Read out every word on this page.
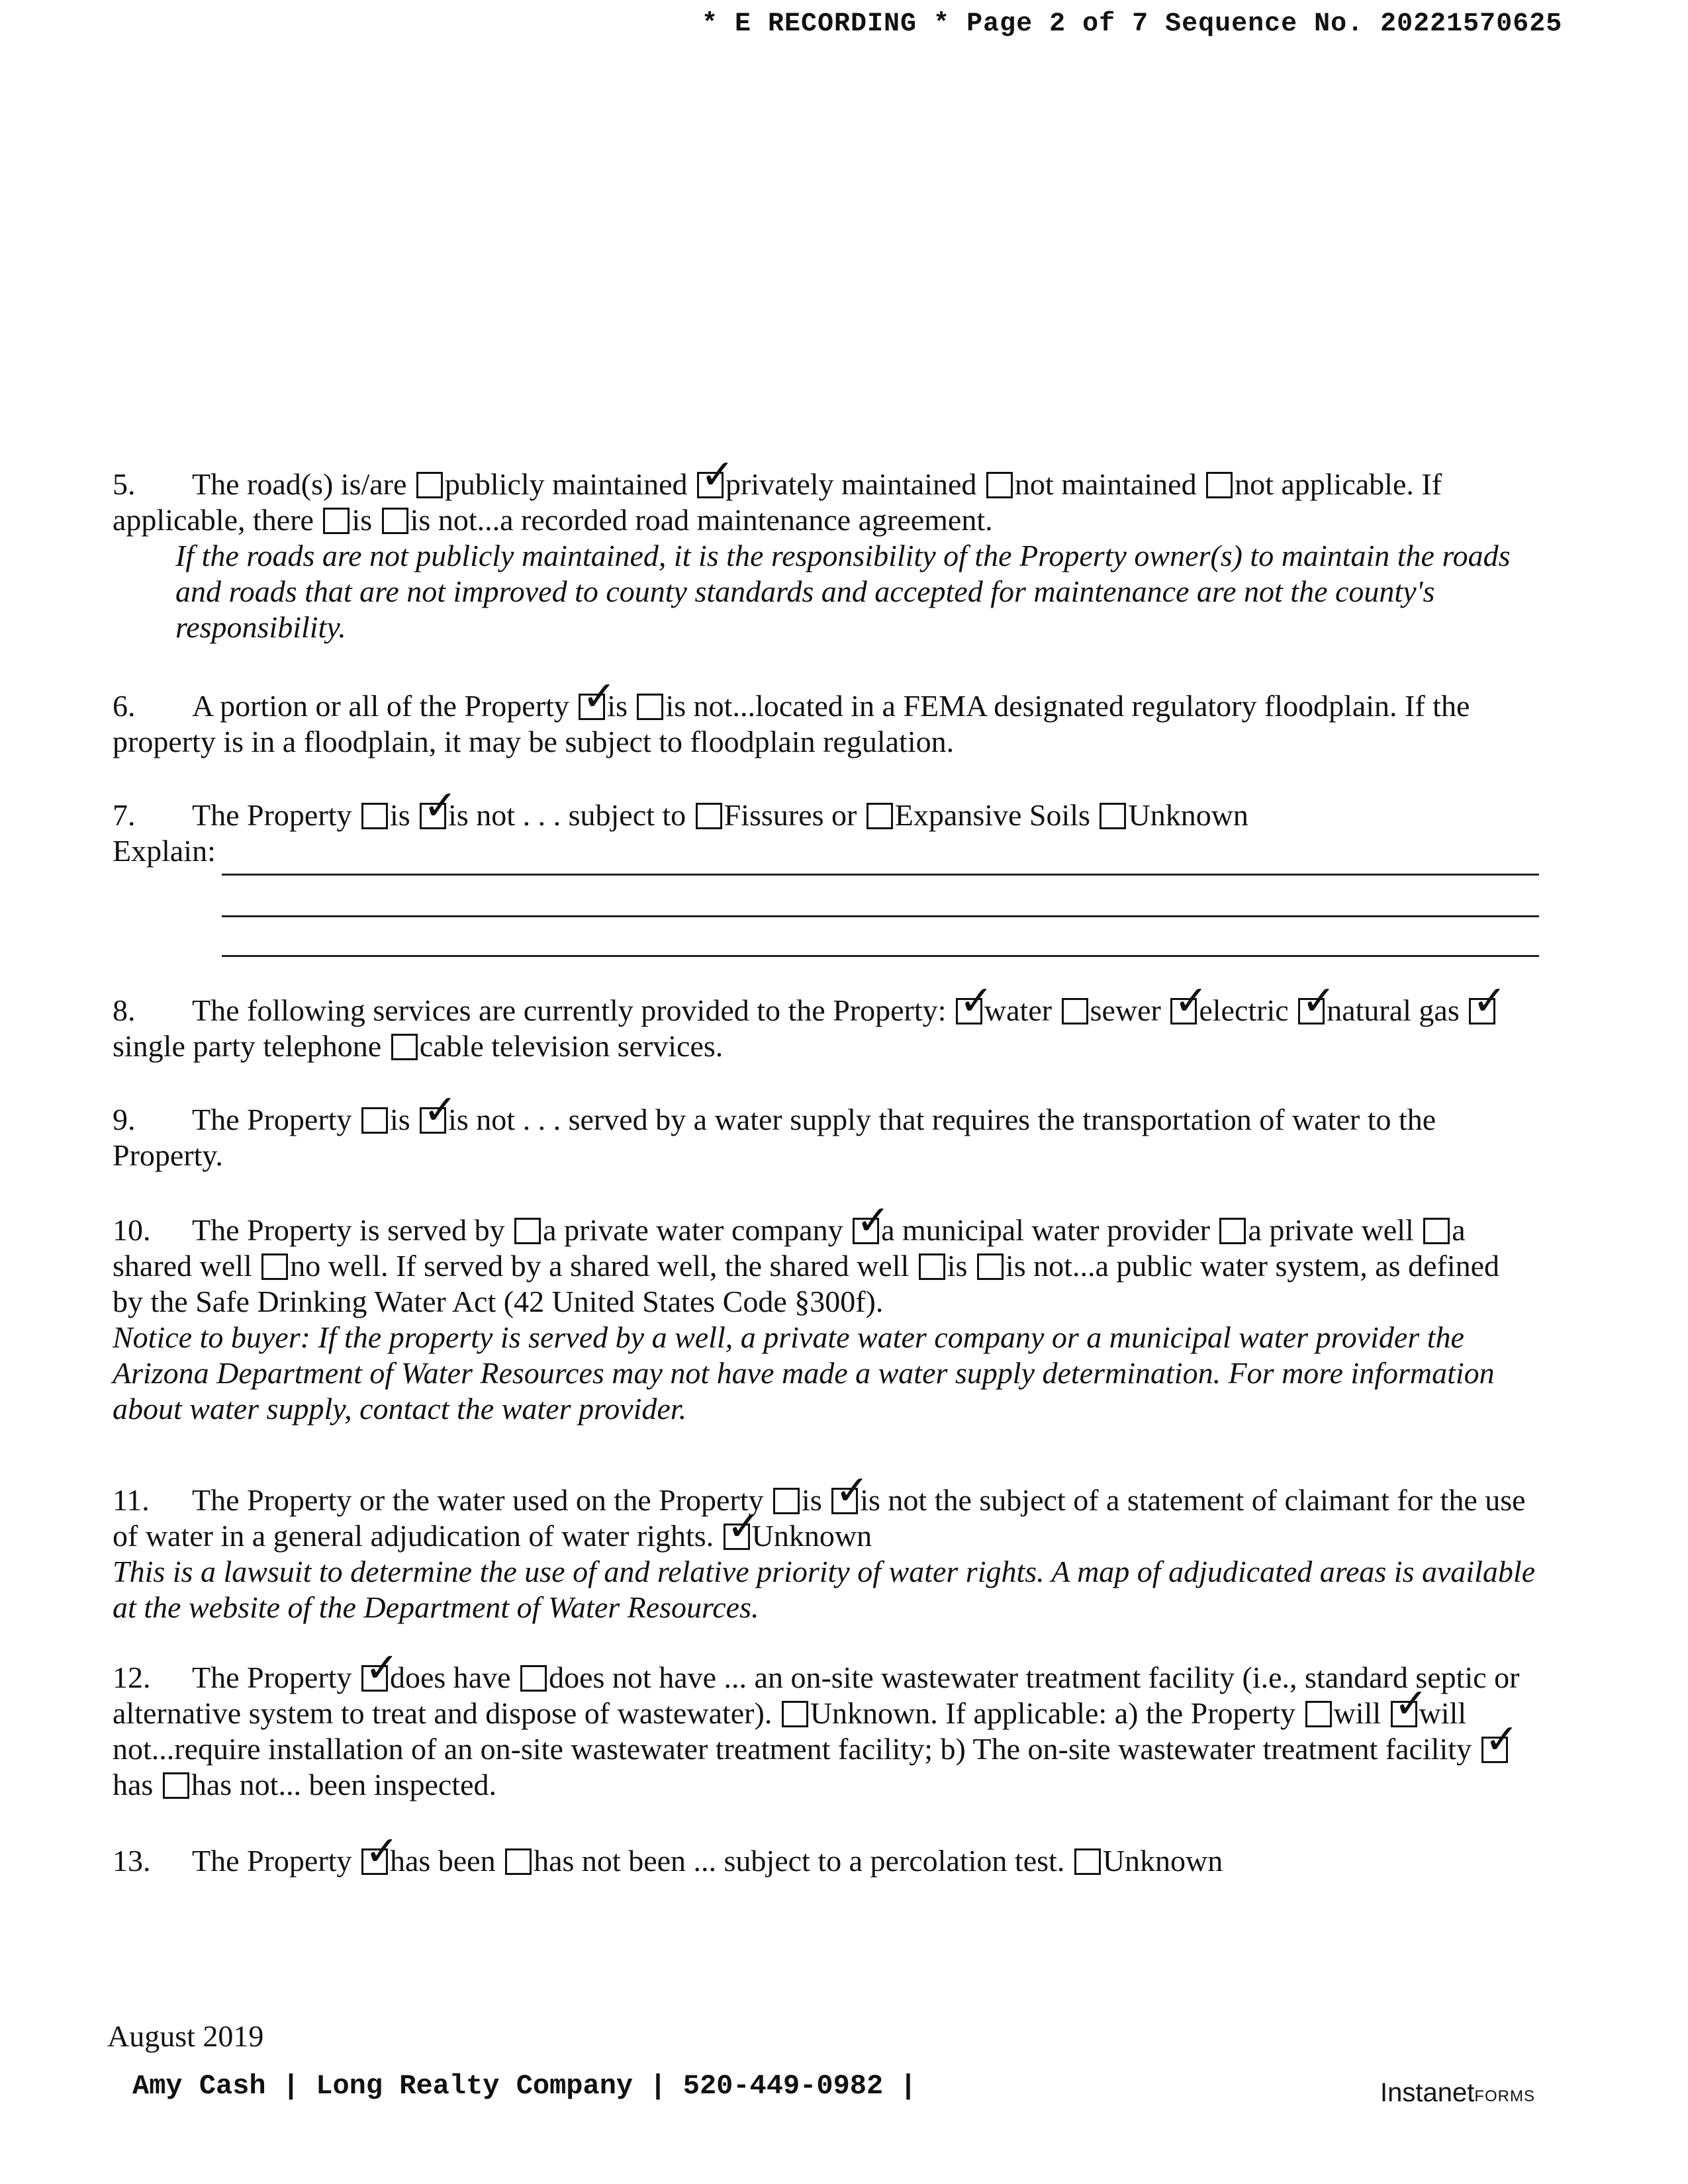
* E RECORDING * Page 2 of 7 Sequence No. 20221570625
5. The road(s) is/are publicly maintained ✓ privately maintained not maintained not applicable. If applicable, there is is not...a recorded road maintenance agreement.
If the roads are not publicly maintained, it is the responsibility of the Property owner(s) to maintain the roads and roads that are not improved to county standards and accepted for maintenance are not the county's responsibility.
6. A portion or all of the Property ✓ is is not...located in a FEMA designated regulatory floodplain. If the property is in a floodplain, it may be subject to floodplain regulation.
7. The Property is ✓ is not . . . subject to Fissures or Expansive Soils Unknown
Explain:
8. The following services are currently provided to the Property: ✓ water sewer ✓ electric ✓ natural gas ✓single party telephone cable television services.
9. The Property is ✓ is not . . . served by a water supply that requires the transportation of water to the Property.
10. The Property is served by a private water company ✓ a municipal water provider a private well a shared well no well. If served by a shared well, the shared well is is not...a public water system, as defined by the Safe Drinking Water Act (42 United States Code §300f).
Notice to buyer: If the property is served by a well, a private water company or a municipal water provider the Arizona Department of Water Resources may not have made a water supply determination. For more information about water supply, contact the water provider.
11. The Property or the water used on the Property is ✓ is not the subject of a statement of claimant for the use of water in a general adjudication of water rights. ✓ Unknown
This is a lawsuit to determine the use of and relative priority of water rights. A map of adjudicated areas is available at the website of the Department of Water Resources.
12. The Property ✓ does have does not have ... an on-site wastewater treatment facility (i.e., standard septic or alternative system to treat and dispose of wastewater). Unknown. If applicable: a) the Property will ✓ will not...require installation of an on-site wastewater treatment facility; b) The on-site wastewater treatment facility ✓has has not... been inspected.
13. The Property ✓ has been has not been ... subject to a percolation test. Unknown
August 2019
Amy Cash | Long Realty Company | 520-449-0982 |	InstanetFORMS
